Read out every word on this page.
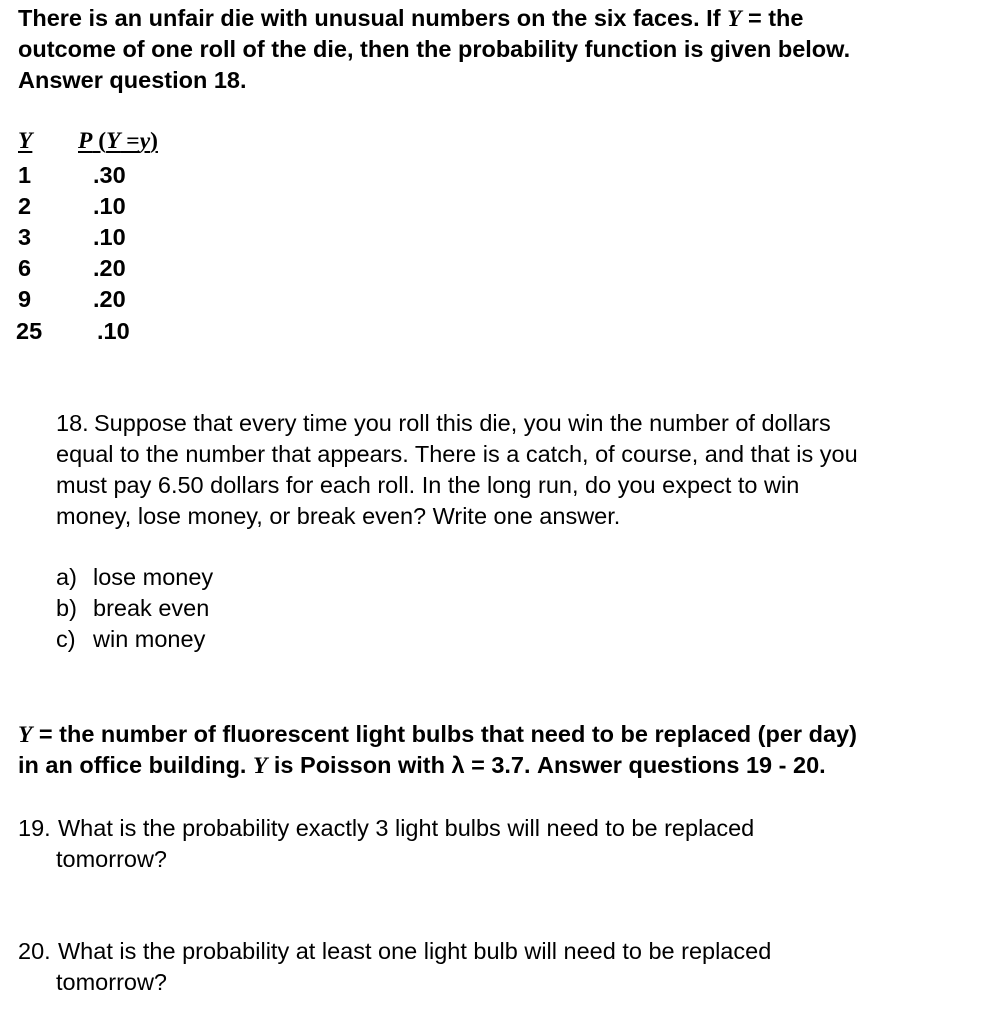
There is an unfair die with unusual numbers on the six faces. If Y = the
outcome of one roll of the die, then the probability function is given below.
Answer question 18.
Y P (Y =y)
1	.30
2	.10
3	.10
6	.20
9	.20
25 .10
18. Suppose that every time you roll this die, you win the number of dollars
equal to the number that appears. There is a catch, of course, and that is you
must pay 6.50 dollars for each roll. In the long run, do you expect to win
money, lose money, or break even? Write one answer.
a) lose money
b) break even
c) win money
Y = the number of fluorescent light bulbs that need to be replaced (per day)
in an office building. Y is Poisson with λ = 3.7. Answer questions 19 - 20.
19. What is the probability exactly 3 light bulbs will need to be replaced
tomorrow?
20. What is the probability at least one light bulb will need to be replaced
tomorrow?
